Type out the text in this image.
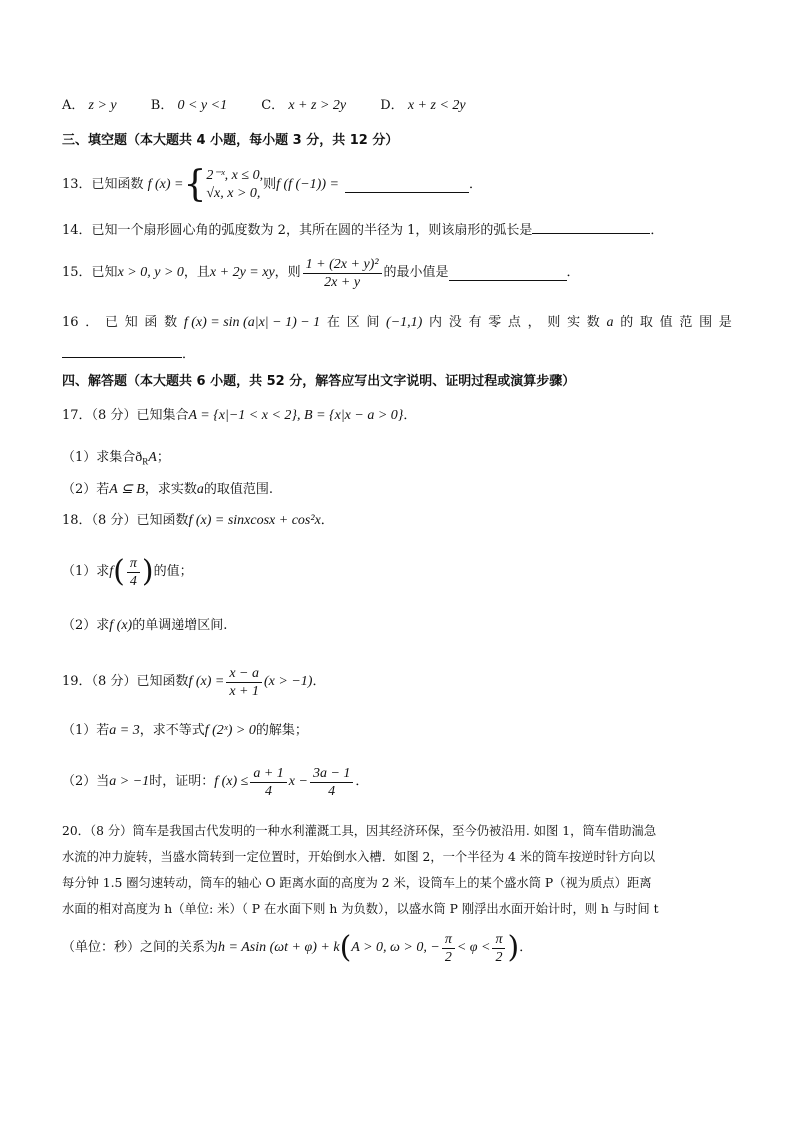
A． z > y	B． 0 < y <1	C． x + z > 2y	D． x + z < 2y
三、填空题（本大题共 4 小题，每小题 3 分，共 12 分）
13． 已知函数 f (x) = { 2⁻ˣ, x ≤ 0,
√x, x > 0,
则 f (f (−1)) =	．
14．已知一个扇形圆心角的弧度数为 2，其所在圆的半径为 1，则该扇形的弧长是	．
15． 已知 x > 0, y > 0 ，且 x + 2y = xy ，则 $\frac{\text{1 + (2x + y)²}}{2x + y}$ 的最小值是	．
16 ． 已 知 函 数 f (x) = sin (a|x| − 1) − 1 在 区 间 (−1,1) 内 没 有 零 点 ， 则 实 数 a 的 取 值 范 围 是
．
四、解答题（本大题共 6 小题，共 52 分，解答应写出文字说明、证明过程或演算步骤）
17．（8 分）已知集合A = {x|−1 < x < 2}, B = {x|x − a > 0}．
（1）求集合$ð_RA$；
（2）若A ⊆ B，求实数a的取值范围.
18．（8 分）已知函数f (x) = sinxcosx + cos²x．
（1）求 f ( $\frac{\pi}{4}$ ) 的值；
（2）求f (x)的单调递增区间.
19．（8 分）已知函数 f $(x) = \frac{x - a}{x + 1} (x > -1)$ ．
（1）若a = 3，求不等式f (2ˣ) > 0的解集；
（2）当 a > −1 时，证明： f $(x) \le \frac{a + 1}{4}$ $x - \frac{3a - 1}{4}$ ．
20．（8 分）筒车是我国古代发明的一种水利灌溉工具，因其经济环保，至今仍被沿用. 如图 1，筒车借助湍急
水流的冲力旋转，当盛水筒转到一定位置时，开始倒水入槽．如图 2，一个半径为 4 米的筒车按逆时针方向以
每分钟 1.5 圈匀速转动，筒车的轴心 O 距离水面的高度为 2 米，设筒车上的某个盛水筒 P（视为质点）距离
水面的相对高度为 h（单位: 米）（ P 在水面下则 h 为负数），以盛水筒 P 刚浮出水面开始计时，则 h 与时间 t
（单位：秒）之间的关系为 h = Asin (ωt + φ) + k ( A > 0, ω > 0, − $\frac{\pi}{2} < \varphi < \frac{\pi}{2}$ ) ．
